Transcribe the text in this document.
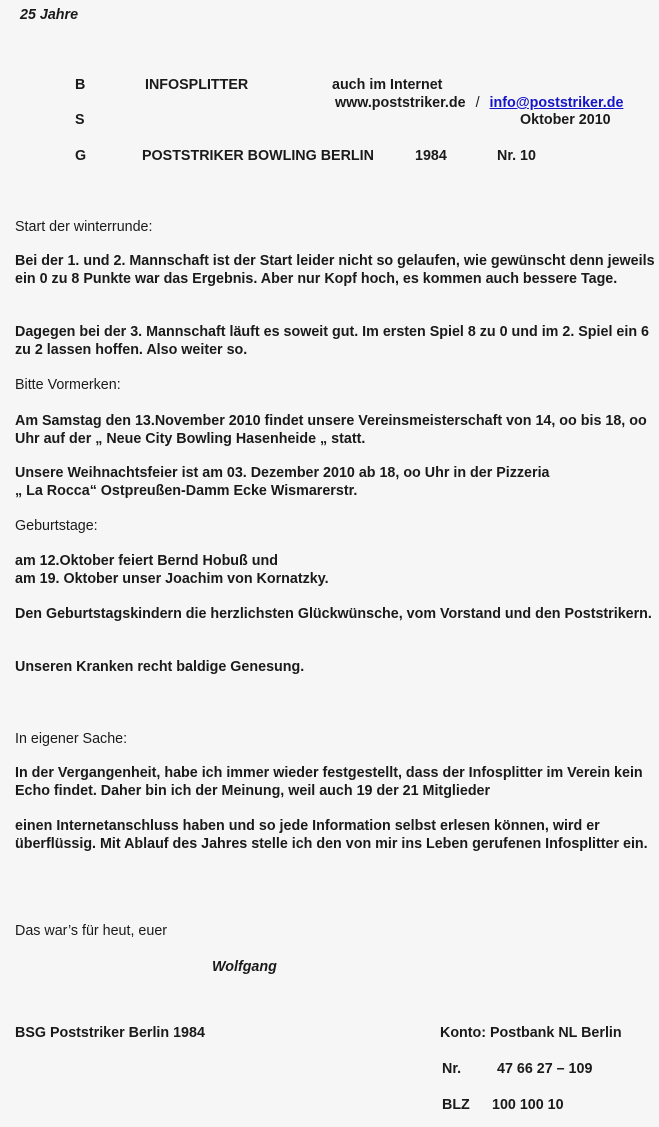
25 Jahre
B	INFOSPLITTER	auch im Internet
www.poststriker.de / info@poststriker.de
S	Oktober 2010
G	POSTSTRIKER BOWLING BERLIN	1984	Nr. 10
Start der winterrunde:
Bei der 1. und 2. Mannschaft ist der Start leider nicht so gelaufen, wie gewünscht denn jeweils ein 0 zu 8 Punkte war das Ergebnis. Aber nur Kopf hoch, es kommen auch bessere Tage.
Dagegen bei der 3. Mannschaft läuft es soweit gut. Im ersten Spiel 8 zu 0 und im 2. Spiel ein 6 zu 2 lassen hoffen. Also weiter so.
Bitte Vormerken:
Am Samstag den 13.November 2010 findet unsere Vereinsmeisterschaft von 14, oo bis 18, oo Uhr auf der „ Neue City Bowling Hasenheide „ statt.
Unsere Weihnachtsfeier ist am 03. Dezember 2010 ab 18, oo Uhr in der Pizzeria
„ La Rocca“ Ostpreußen-Damm Ecke Wismarerstr.
Geburtstage:
am 12.Oktober feiert Bernd Hobuß und
am 19. Oktober unser Joachim von Kornatzky.
Den Geburtstagskindern die herzlichsten Glückwünsche, vom Vorstand und den Poststrikern.
Unseren Kranken recht baldige Genesung.
In eigener Sache:
In der Vergangenheit, habe ich immer wieder festgestellt, dass der Infosplitter im Verein kein Echo findet. Daher bin ich der Meinung, weil auch 19 der 21 Mitglieder
einen Internetanschluss haben und so jede Information selbst erlesen können, wird er überflüssig. Mit Ablauf des Jahres stelle ich den von mir ins Leben gerufenen Infosplitter ein.
Das war’s für heut, euer
Wolfgang
BSG Poststriker Berlin 1984	Konto: Postbank NL Berlin
Nr.	47 66 27 – 109
BLZ 100 100 10
